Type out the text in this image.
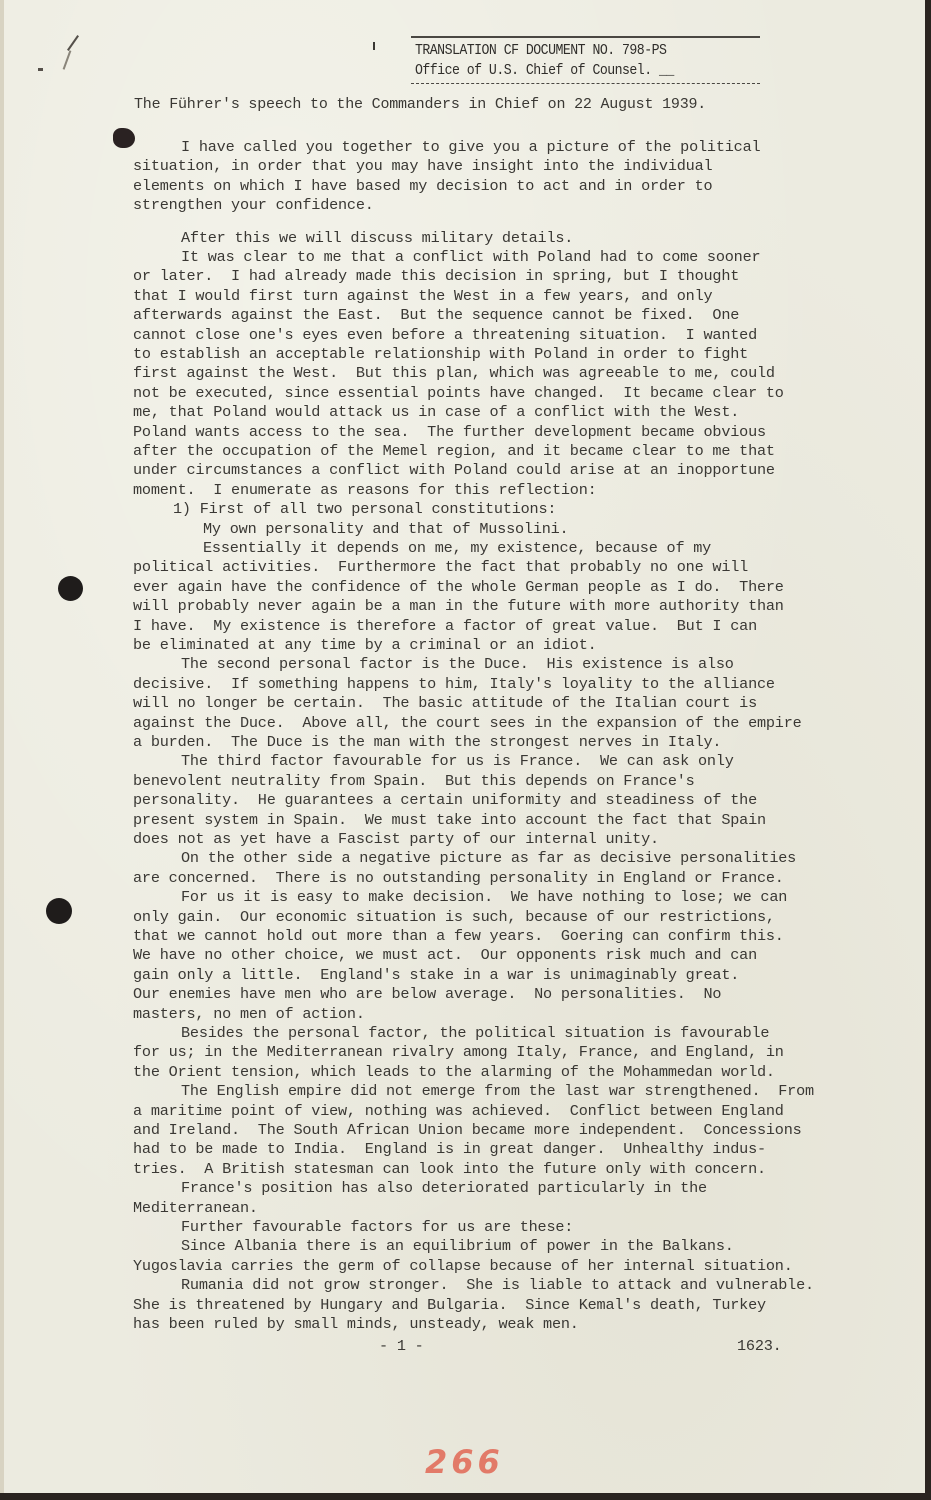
TRANSLATION CF DOCUMENT NO. 798-PS
Office of U.S. Chief of Counsel. __
The Führer's speech to the Commanders in Chief on 22 August 1939.
I have called you together to give you a picture of the political
situation, in order that you may have insight into the individual
elements on which I have based my decision to act and in order to
strengthen your confidence.
After this we will discuss military details.
It was clear to me that a conflict with Poland had to come sooner
or later.  I had already made this decision in spring, but I thought
that I would first turn against the West in a few years, and only
afterwards against the East.  But the sequence cannot be fixed.  One
cannot close one's eyes even before a threatening situation.  I wanted
to establish an acceptable relationship with Poland in order to fight
first against the West.  But this plan, which was agreeable to me, could
not be executed, since essential points have changed.  It became clear to
me, that Poland would attack us in case of a conflict with the West.
Poland wants access to the sea.  The further development became obvious
after the occupation of the Memel region, and it became clear to me that
under circumstances a conflict with Poland could arise at an inopportune
moment.  I enumerate as reasons for this reflection:
1) First of all two personal constitutions:
My own personality and that of Mussolini.
Essentially it depends on me, my existence, because of my
political activities.  Furthermore the fact that probably no one will
ever again have the confidence of the whole German people as I do.  There
will probably never again be a man in the future with more authority than
I have.  My existence is therefore a factor of great value.  But I can
be eliminated at any time by a criminal or an idiot.
The second personal factor is the Duce.  His existence is also
decisive.  If something happens to him, Italy's loyality to the alliance
will no longer be certain.  The basic attitude of the Italian court is
against the Duce.  Above all, the court sees in the expansion of the empire
a burden.  The Duce is the man with the strongest nerves in Italy.
The third factor favourable for us is France.  We can ask only
benevolent neutrality from Spain.  But this depends on France's
personality.  He guarantees a certain uniformity and steadiness of the
present system in Spain.  We must take into account the fact that Spain
does not as yet have a Fascist party of our internal unity.
On the other side a negative picture as far as decisive personalities
are concerned.  There is no outstanding personality in England or France.
For us it is easy to make decision.  We have nothing to lose; we can
only gain.  Our economic situation is such, because of our restrictions,
that we cannot hold out more than a few years.  Goering can confirm this.
We have no other choice, we must act.  Our opponents risk much and can
gain only a little.  England's stake in a war is unimaginably great.
Our enemies have men who are below average.  No personalities.  No
masters, no men of action.
Besides the personal factor, the political situation is favourable
for us; in the Mediterranean rivalry among Italy, France, and England, in
the Orient tension, which leads to the alarming of the Mohammedan world.
The English empire did not emerge from the last war strengthened.  From
a maritime point of view, nothing was achieved.  Conflict between England
and Ireland.  The South African Union became more independent.  Concessions
had to be made to India.  England is in great danger.  Unhealthy indus-
tries.  A British statesman can look into the future only with concern.
France's position has also deteriorated particularly in the
Mediterranean.
Further favourable factors for us are these:
Since Albania there is an equilibrium of power in the Balkans.
Yugoslavia carries the germ of collapse because of her internal situation.
Rumania did not grow stronger.  She is liable to attack and vulnerable.
She is threatened by Hungary and Bulgaria.  Since Kemal's death, Turkey
has been ruled by small minds, unsteady, weak men.
- 1 -	1623.
266
